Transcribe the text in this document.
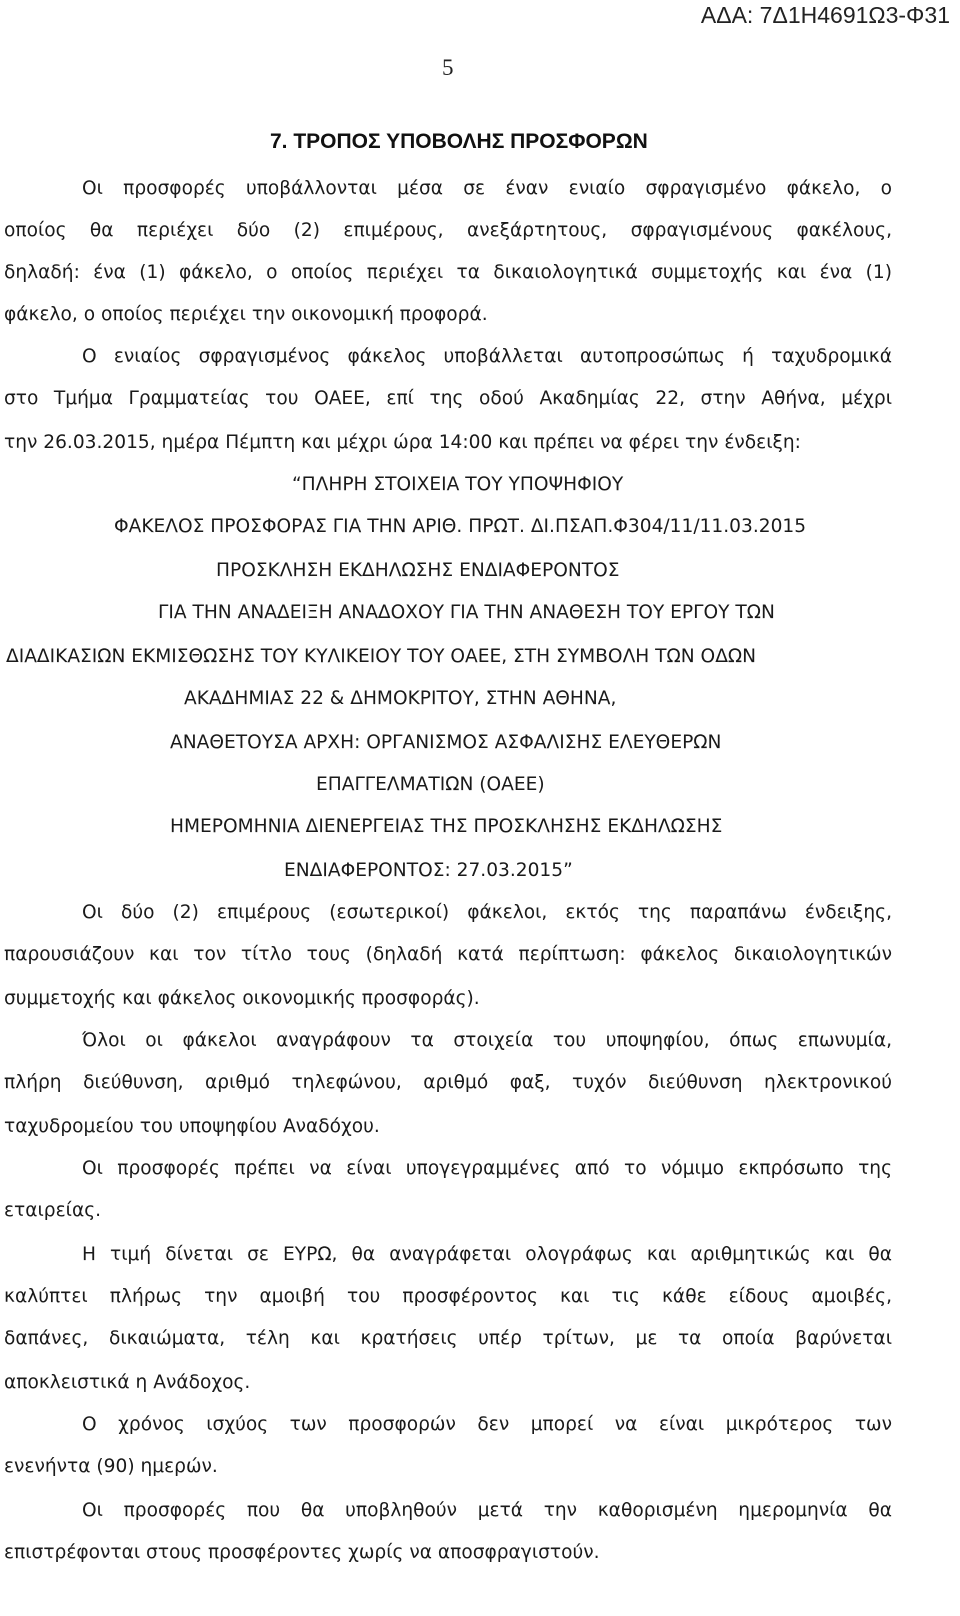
ΑΔΑ: 7Δ1Η4691Ω3-Φ31
5
7. ΤΡΟΠΟΣ ΥΠΟΒΟΛΗΣ ΠΡΟΣΦΟΡΩΝ
Οι προσφορές υποβάλλονται μέσα σε έναν ενιαίο σφραγισμένο φάκελο, ο
οποίος θα περιέχει δύο (2) επιμέρους, ανεξάρτητους, σφραγισμένους φακέλους,
δηλαδή: ένα (1) φάκελο, ο οποίος περιέχει τα δικαιολογητικά συμμετοχής και ένα (1)
φάκελο, ο οποίος περιέχει την οικονομική προφορά.
Ο ενιαίος σφραγισμένος φάκελος υποβάλλεται αυτοπροσώπως ή ταχυδρομικά
στο Τμήμα Γραμματείας του ΟΑΕΕ, επί της οδού Ακαδημίας 22, στην Αθήνα, μέχρι
την 26.03.2015, ημέρα Πέμπτη και μέχρι ώρα 14:00 και πρέπει να φέρει την ένδειξη:
“ΠΛΗΡΗ ΣΤΟΙΧΕΙΑ ΤΟΥ ΥΠΟΨΗΦΙΟΥ
ΦΑΚΕΛΟΣ ΠΡΟΣΦΟΡΑΣ ΓΙΑ ΤΗΝ ΑΡΙΘ. ΠΡΩΤ. ΔΙ.ΠΣΑΠ.Φ304/11/11.03.2015
ΠΡΟΣΚΛΗΣΗ ΕΚΔΗΛΩΣΗΣ ΕΝΔΙΑΦΕΡΟΝΤΟΣ
ΓΙΑ ΤΗΝ ΑΝΑΔΕΙΞΗ ΑΝΑΔΟΧΟΥ ΓΙΑ ΤΗΝ ΑΝΑΘΕΣΗ ΤΟΥ ΕΡΓΟΥ ΤΩΝ
ΔΙΑΔΙΚΑΣΙΩΝ ΕΚΜΙΣΘΩΣΗΣ ΤΟΥ ΚΥΛΙΚΕΙΟΥ ΤΟΥ ΟΑΕΕ, ΣΤΗ ΣΥΜΒΟΛΗ ΤΩΝ ΟΔΩΝ
ΑΚΑΔΗΜΙΑΣ 22 & ΔΗΜΟΚΡΙΤΟΥ, ΣΤΗΝ ΑΘΗΝΑ,
ΑΝΑΘΕΤΟΥΣΑ ΑΡΧΗ: ΟΡΓΑΝΙΣΜΟΣ ΑΣΦΑΛΙΣΗΣ ΕΛΕΥΘΕΡΩΝ
ΕΠΑΓΓΕΛΜΑΤΙΩΝ (ΟΑΕΕ)
ΗΜΕΡΟΜΗΝΙΑ ΔΙΕΝΕΡΓΕΙΑΣ ΤΗΣ ΠΡΟΣΚΛΗΣΗΣ ΕΚΔΗΛΩΣΗΣ
ΕΝΔΙΑΦΕΡΟΝΤΟΣ: 27.03.2015”
Οι δύο (2) επιμέρους (εσωτερικοί) φάκελοι, εκτός της παραπάνω ένδειξης,
παρουσιάζουν και τον τίτλο τους (δηλαδή κατά περίπτωση: φάκελος δικαιολογητικών
συμμετοχής και φάκελος οικονομικής προσφοράς).
Όλοι οι φάκελοι αναγράφουν τα στοιχεία του υποψηφίου, όπως επωνυμία,
πλήρη διεύθυνση, αριθμό τηλεφώνου, αριθμό φαξ, τυχόν διεύθυνση ηλεκτρονικού
ταχυδρομείου του υποψηφίου Αναδόχου.
Οι προσφορές πρέπει να είναι υπογεγραμμένες από το νόμιμο εκπρόσωπο της
εταιρείας.
Η τιμή δίνεται σε ΕΥΡΩ, θα αναγράφεται ολογράφως και αριθμητικώς και θα
καλύπτει πλήρως την αμοιβή του προσφέροντος και τις κάθε είδους αμοιβές,
δαπάνες, δικαιώματα, τέλη και κρατήσεις υπέρ τρίτων, με τα οποία βαρύνεται
αποκλειστικά η Ανάδοχος.
Ο χρόνος ισχύος των προσφορών δεν μπορεί να είναι μικρότερος των
ενενήντα (90) ημερών.
Οι προσφορές που θα υποβληθούν μετά την καθορισμένη ημερομηνία θα
επιστρέφονται στους προσφέροντες χωρίς να αποσφραγιστούν.
